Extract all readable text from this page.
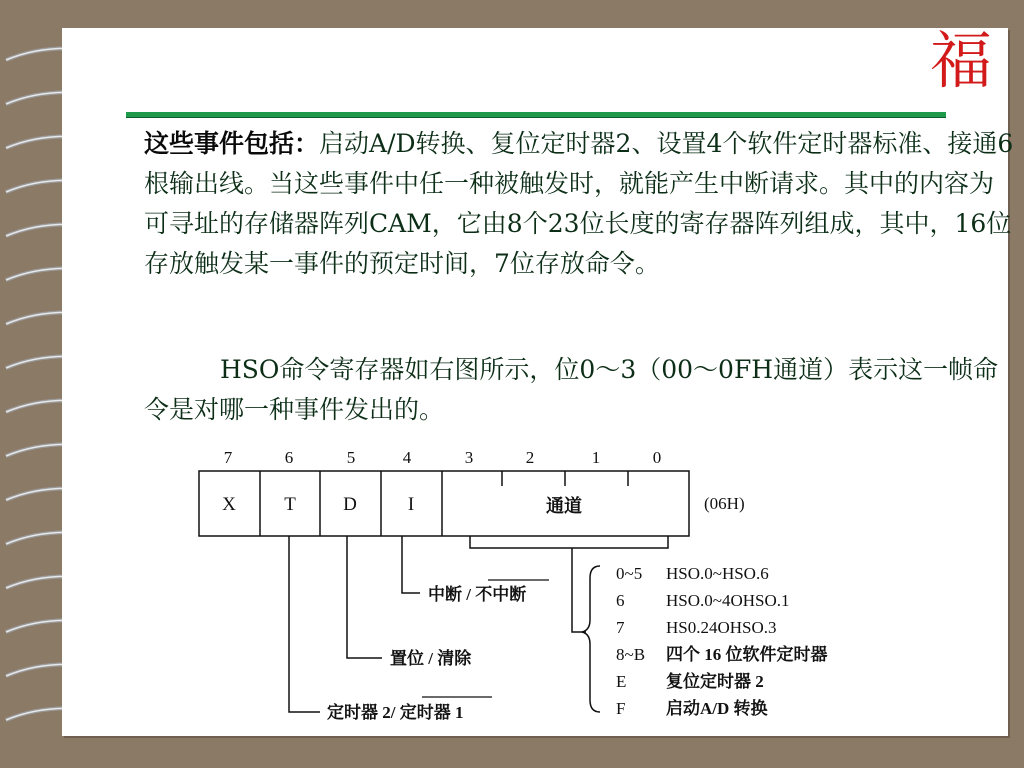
福
这些事件包括：启动A/D转换、复位定时器2、设置4个软件定时器标准、接通6根输出线。当这些事件中任一种被触发时，就能产生中断请求。其中的内容为可寻址的存储器阵列CAM，它由8个23位长度的寄存器阵列组成，其中，16位存放触发某一事件的预定时间，7位存放命令。
HSO命令寄存器如右图所示，位0～3（00～0FH通道）表示这一帧命令是对哪一种事件发出的。
7	6	5	4	3	2	1	0
X	T D	I	通道	(06H)
中断 / 不中断
置位 / 清除
定时器 2/ 定时器 1
0~5 HSO.0~HSO.6
6 HSO.0~4OHSO.1
7 HS0.24OHSO.3
8~B 四个 16 位软件定时器
E 复位定时器 2
F 启动A/D 转换
